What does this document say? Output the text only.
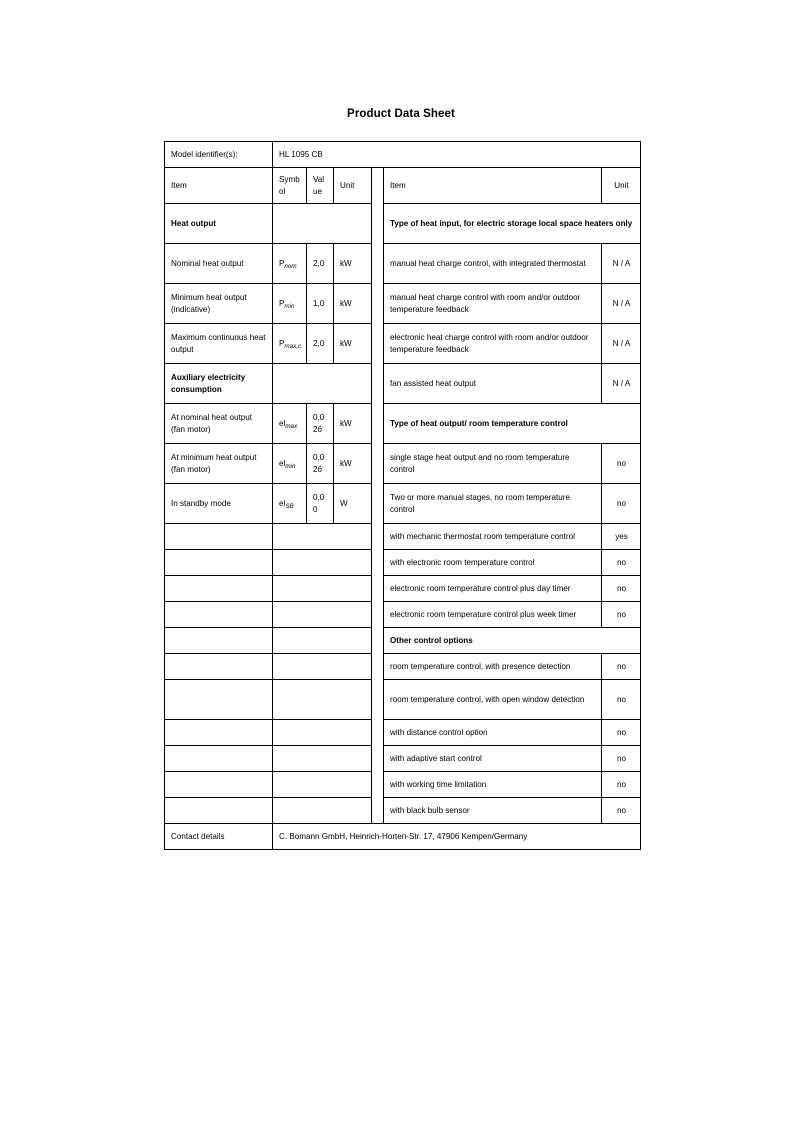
Product Data Sheet
Model identifier(s):	HL 1095 CB					
Item	Symbol	Value	Unit		Item	Unit
Heat output					Type of heat input, for electric storage local space heaters only	
Nominal heat output	$P_{nom}$	2,0	kW		manual heat charge control, with integrated thermostat	N / A
Minimum heat output (indicative)	$P_{min}$	1,0	kW		manual heat charge control with room and/or outdoor temperature feedback	N / A
Maximum continuous heat output	$P_{max,c}$	2,0	kW		electronic heat charge control with room and/or outdoor temperature feedback	N / A
Auxiliary electricity consumption					fan assisted heat output	N / A
At nominal heat output (fan motor)	$el_{max}$	0,026	kW		Type of heat output/ room temperature control	
At minimum heat output (fan motor)	$el_{min}$	0,026	kW		single stage heat output and no room temperature control	no
In standby mode	$el_{SB}$	0,00	W		Two or more manual stages, no room temperature control	no
					with mechanic thermostat room temperature control	yes
					with electronic room temperature control	no
					electronic room temperature control plus day timer	no
					electronic room temperature control plus week timer	no
					Other control options	
					room temperature control, with presence detection	no
					room temperature control, with open window detection	no
					with distance control option	no
					with adaptive start control	no
					with working time limitation	no
					with black bulb sensor	no
Contact details	C. Bomann GmbH, Heinrich-Horten-Str. 17, 47906 Kempen/Germany					
